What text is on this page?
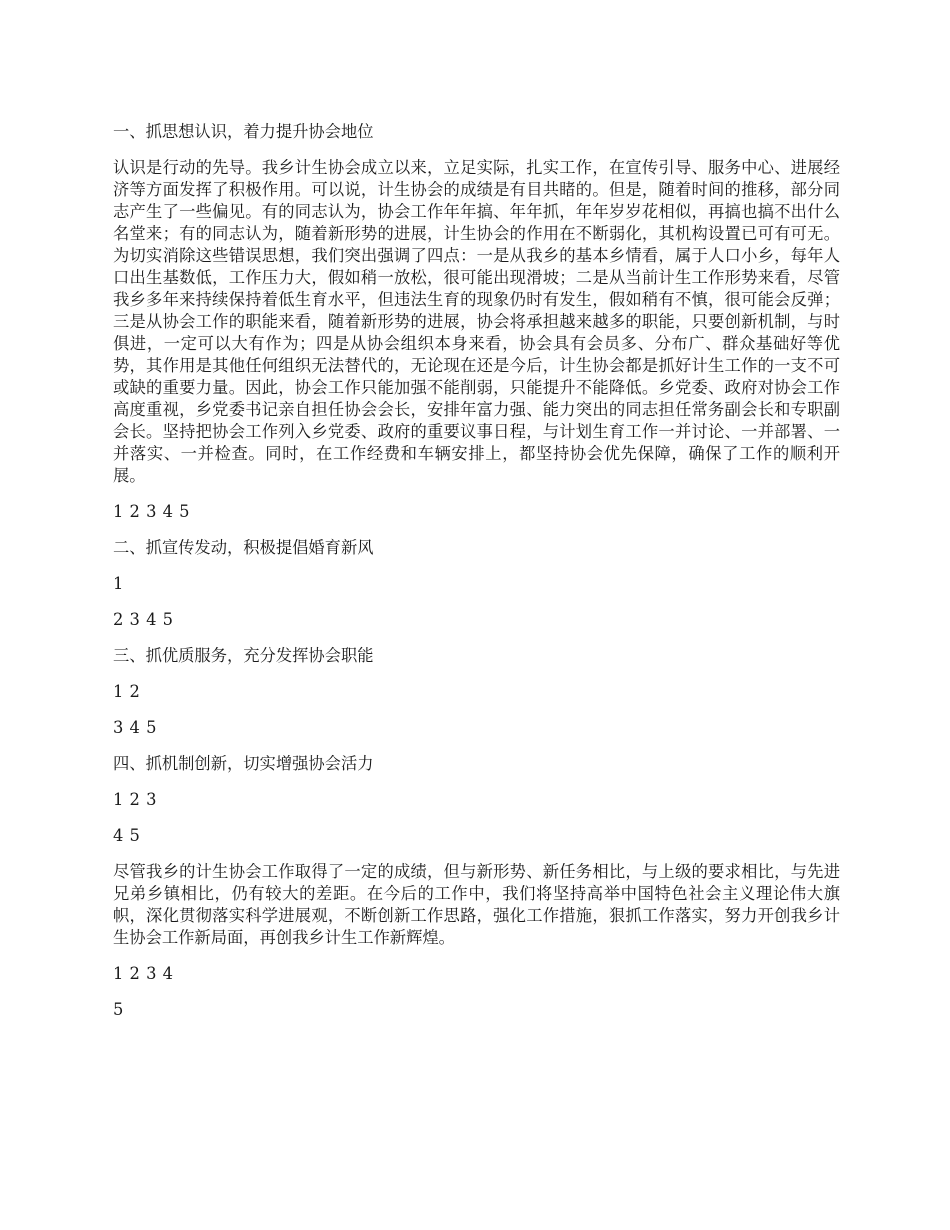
一、抓思想认识，着力提升协会地位

认识是行动的先导。我乡计生协会成立以来，立足实际，扎实工作，在宣传引导、服务中心、进展经济等方面发挥了积极作用。可以说，计生协会的成绩是有目共睹的。但是，随着时间的推移，部分同志产生了一些偏见。有的同志认为，协会工作年年搞、年年抓，年年岁岁花相似，再搞也搞不出什么名堂来；有的同志认为，随着新形势的进展，计生协会的作用在不断弱化，其机构设置已可有可无。为切实消除这些错误思想，我们突出强调了四点：一是从我乡的基本乡情看，属于人口小乡，每年人口出生基数低，工作压力大，假如稍一放松，很可能出现滑坡；二是从当前计生工作形势来看，尽管我乡多年来持续保持着低生育水平，但违法生育的现象仍时有发生，假如稍有不慎，很可能会反弹；三是从协会工作的职能来看，随着新形势的进展，协会将承担越来越多的职能，只要创新机制，与时俱进，一定可以大有作为；四是从协会组织本身来看，协会具有会员多、分布广、群众基础好等优势，其作用是其他任何组织无法替代的，无论现在还是今后，计生协会都是抓好计生工作的一支不可或缺的重要力量。因此，协会工作只能加强不能削弱，只能提升不能降低。乡党委、政府对协会工作高度重视，乡党委书记亲自担任协会会长，安排年富力强、能力突出的同志担任常务副会长和专职副会长。坚持把协会工作列入乡党委、政府的重要议事日程，与计划生育工作一并讨论、一并部署、一并落实、一并检查。同时，在工作经费和车辆安排上，都坚持协会优先保障，确保了工作的顺利开展。

1 2 3 4 5

二、抓宣传发动，积极提倡婚育新风

1

2 3 4 5

三、抓优质服务，充分发挥协会职能

1 2

3 4 5

四、抓机制创新，切实增强协会活力

1 2 3

4 5

尽管我乡的计生协会工作取得了一定的成绩，但与新形势、新任务相比，与上级的要求相比，与先进兄弟乡镇相比，仍有较大的差距。在今后的工作中，我们将坚持高举中国特色社会主义理论伟大旗帜，深化贯彻落实科学进展观，不断创新工作思路，强化工作措施，狠抓工作落实，努力开创我乡计生协会工作新局面，再创我乡计生工作新辉煌。

1 2 3 4

5
